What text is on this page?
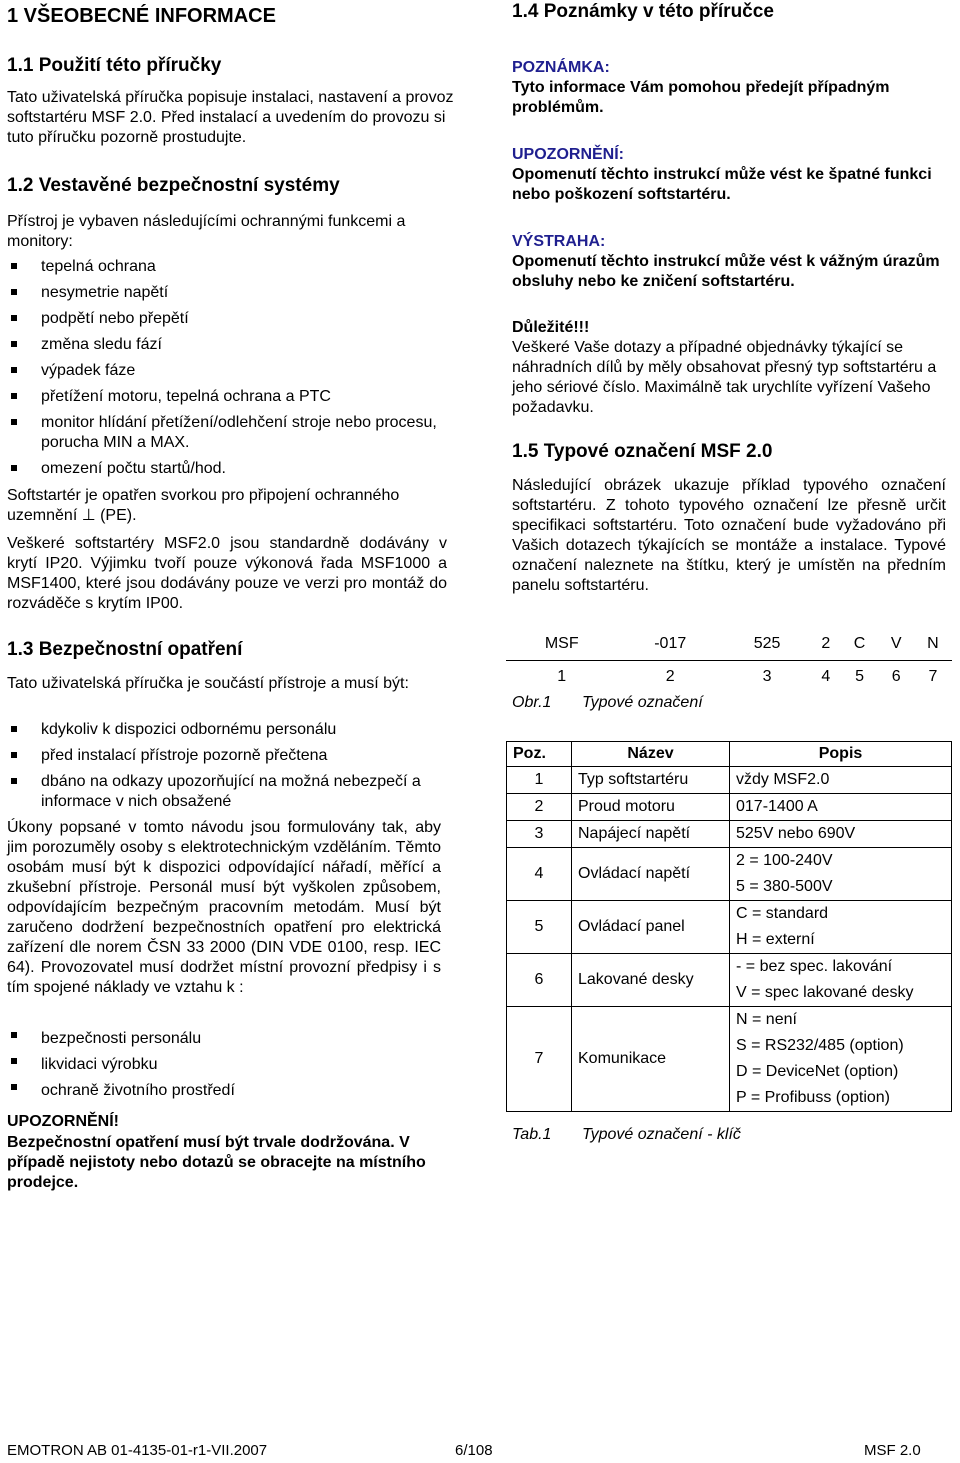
1 VŠEOBECNÉ INFORMACE
1.1 Použití této příručky

Tato uživatelská příručka popisuje instalaci, nastavení a provoz softstartéru MSF 2.0. Před instalací a uvedením do provozu si tuto příručku pozorně prostudujte.

1.2 Vestavěné bezpečnostní systémy

Přístroj je vybaven následujícími ochrannými funkcemi a monitory:

tepelná ochrana
nesymetrie napětí
podpětí nebo přepětí
změna sledu fází
výpadek fáze
přetížení motoru, tepelná ochrana a PTC
monitor hlídání přetížení/odlehčení stroje nebo procesu, porucha MIN a MAX.
omezení počtu startů/hod.

Softstartér je opatřen svorkou pro připojení ochranného uzemnění ⊥ (PE).

Veškeré softstartéry MSF2.0 jsou standardně dodávány v krytí IP20. Výjimku tvoří pouze výkonová řada MSF1000 a MSF1400, které jsou dodávány pouze ve verzi pro montáž do rozváděče s krytím IP00.

1.3 Bezpečnostní opatření

Tato uživatelská příručka je součástí přístroje a musí být:

kdykoliv k dispozici odbornému personálu
před instalací přístroje pozorně přečtena
dbáno na odkazy upozorňující na možná nebezpečí a informace v nich obsažené

Úkony popsané v tomto návodu jsou formulovány tak, aby jim porozuměly osoby s elektrotechnickým vzděláním. Těmto osobám musí být k dispozici odpovídající nářadí, měřící a zkušební přístroje. Personál musí být vyškolen způsobem, odpovídajícím bezpečným pracovním metodám. Musí být zaručeno dodržení bezpečnostních opatření pro elektrická zařízení dle norem ČSN 33 2000 (DIN VDE 0100, resp. IEC 64). Provozovatel musí dodržet místní provozní předpisy i s tím spojené náklady ve vztahu k :

bezpečnosti personálu
likvidaci výrobku
ochraně životního prostředí
UPOZORNĚNÍ!

Bezpečnostní opatření musí být trvale dodržována. V případě nejistoty nebo dotazů se obracejte na místního prodejce.

1.4 Poznámky v této příručce
POZNÁMKA:
Tyto informace Vám pomohou předejít případným problémům.
UPOZORNĚNÍ:
Opomenutí těchto instrukcí může vést ke špatné funkci nebo poškození softstartéru.
VÝSTRAHA:
Opomenutí těchto instrukcí může vést k vážným úrazům obsluhy nebo ke zničení softstartéru.
Důležité!!!
Veškeré Vaše dotazy a případné objednávky týkající se náhradních dílů by měly obsahovat přesný typ softstartéru a jeho sériové číslo. Maximálně tak urychlíte vyřízení Vašeho požadavku.
1.5 Typové označení MSF 2.0

Následující obrázek ukazuje příklad typového označení softstartéru. Z tohoto typového označení lze přesně určit specifikaci softstartéru. Toto označení bude vyžadováno při Vašich dotazech týkajících se montáže a instalace. Typové označení naleznete na štítku, který je umístěn na předním panelu softstartéru.

MSF	-017	525	2	C	V	N
1	2	3	4	5	6	7
Obr.1 Typové označení
Poz.	Název	Popis
1	Typ softstartéru	vždy MSF2.0

2	Proud motoru	017-1400 A

3	Napájecí napětí	525V nebo 690V

4	Ovládací napětí	2 = 100-240V
5 = 380-500V

5	Ovládací panel	C = standard
H = externí

6	Lakované desky	- = bez spec. lakování
V = spec lakované desky

7	Komunikace	N = není
S = RS232/485 (option)
D = DeviceNet (option)
P = Profibuss (option)
Tab.1 Typové označení - klíč
EMOTRON AB 01-4135-01-r1-VII.2007	6/108	MSF 2.0
